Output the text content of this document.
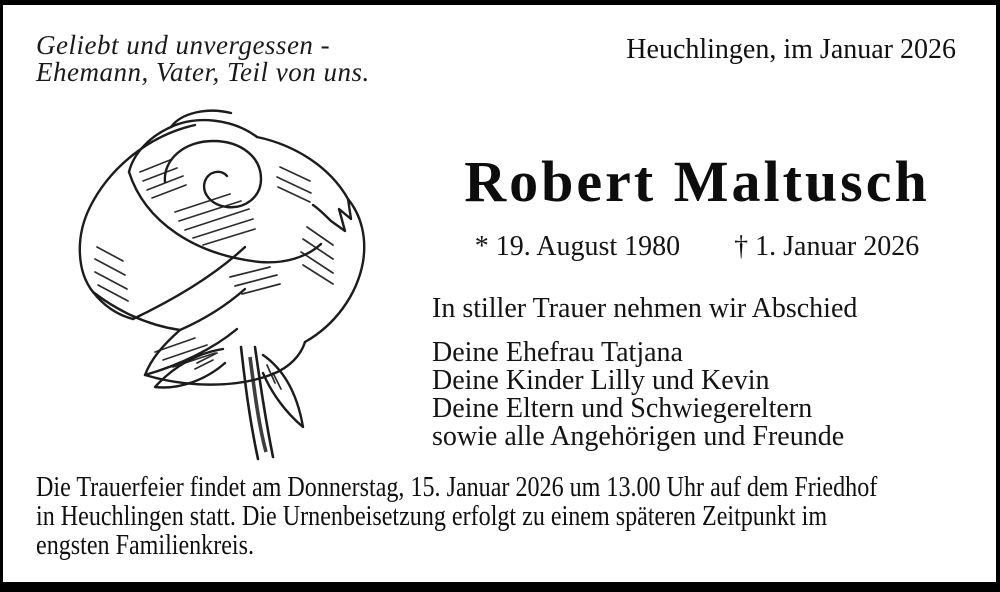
Geliebt und unvergessen -
Ehemann, Vater, Teil von uns.
Heuchlingen, im Januar 2026
Robert Maltusch
* 19. August 1980 † 1. Januar 2026
In stiller Trauer nehmen wir Abschied
Deine Ehefrau Tatjana
Deine Kinder Lilly und Kevin
Deine Eltern und Schwiegereltern
sowie alle Angehörigen und Freunde
Die Trauerfeier findet am Donnerstag, 15. Januar 2026 um 13.00 Uhr auf dem Friedhof
in Heuchlingen statt. Die Urnenbeisetzung erfolgt zu einem späteren Zeitpunkt im
engsten Familienkreis.
